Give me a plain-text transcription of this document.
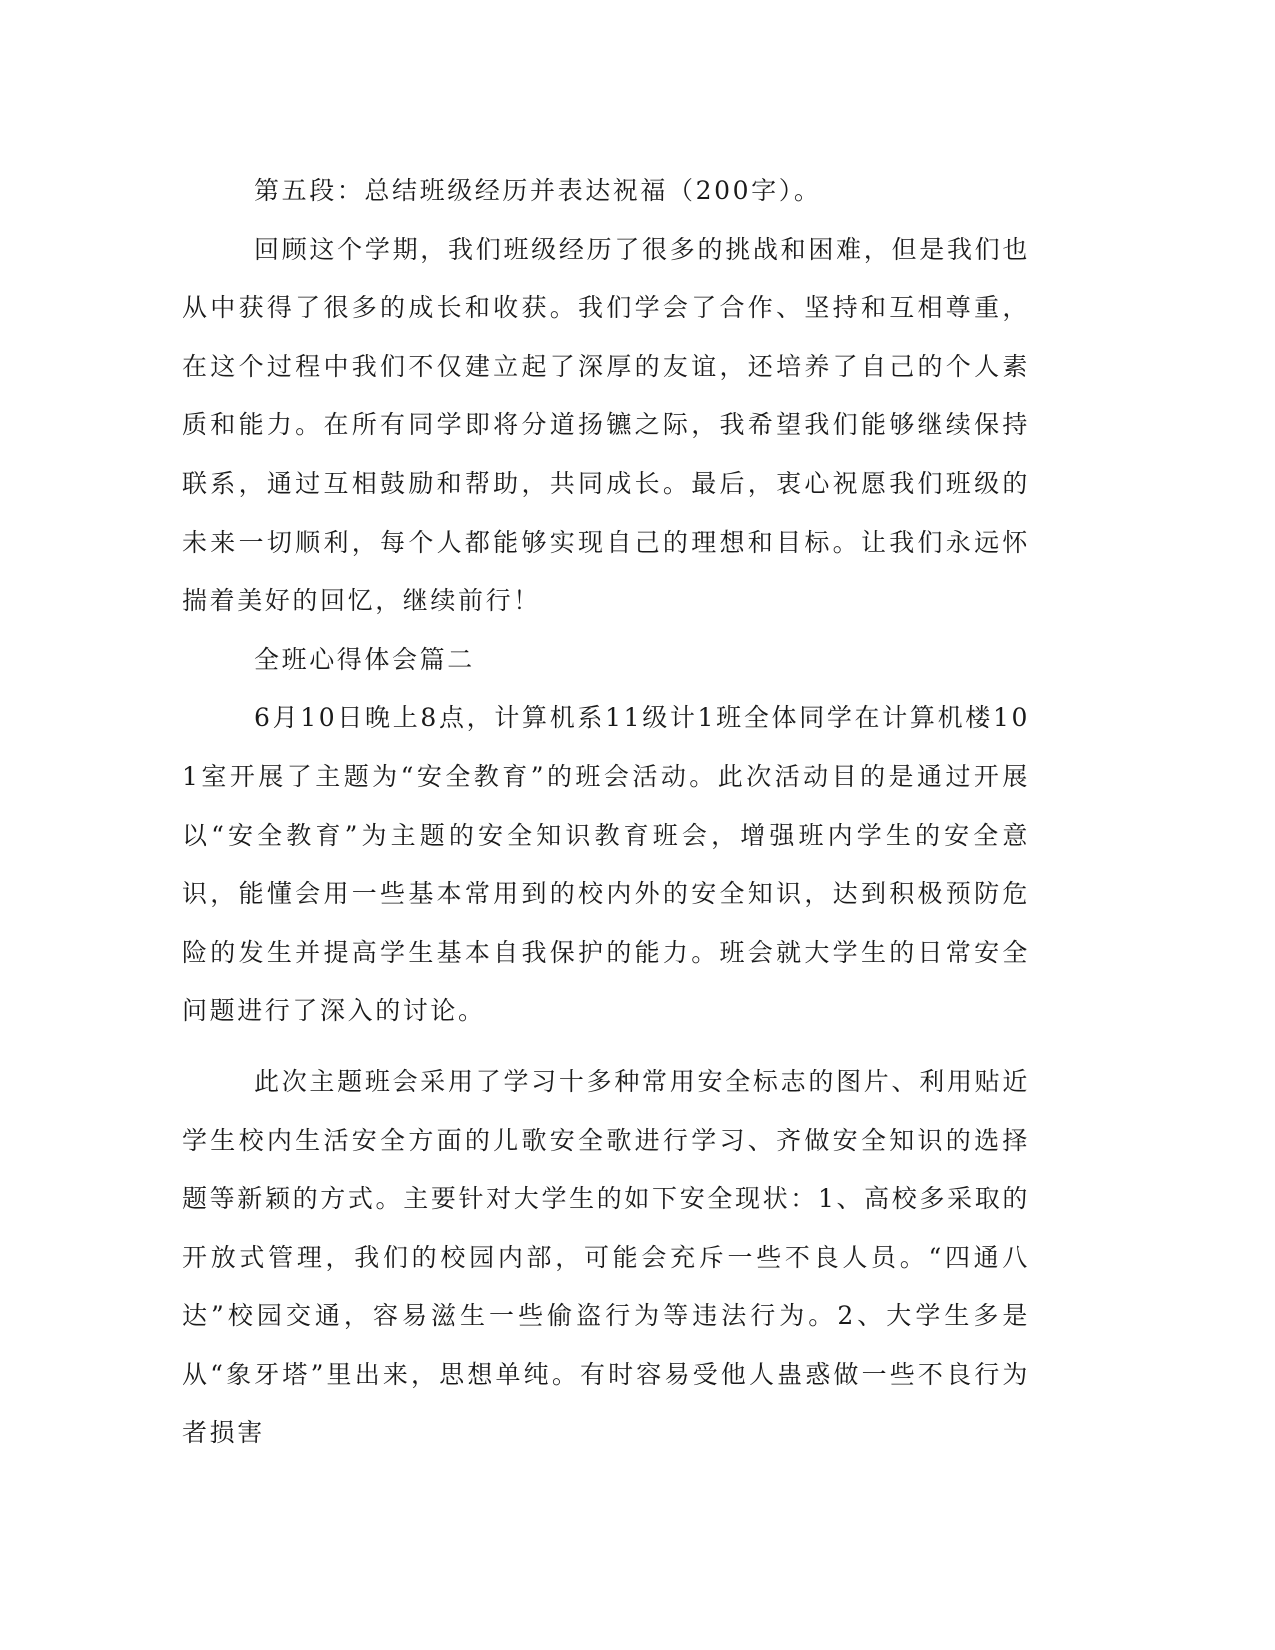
第五段：总结班级经历并表达祝福（200字）。

回顾这个学期，我们班级经历了很多的挑战和困难，但是我们也从中获得了很多的成长和收获。我们学会了合作、坚持和互相尊重，在这个过程中我们不仅建立起了深厚的友谊，还培养了自己的个人素质和能力。在所有同学即将分道扬镳之际，我希望我们能够继续保持联系，通过互相鼓励和帮助，共同成长。最后，衷心祝愿我们班级的未来一切顺利，每个人都能够实现自己的理想和目标。让我们永远怀揣着美好的回忆，继续前行！

全班心得体会篇二

6月10日晚上8点，计算机系11级计1班全体同学在计算机楼101室开展了主题为“安全教育”的班会活动。此次活动目的是通过开展以“安全教育”为主题的安全知识教育班会，增强班内学生的安全意识，能懂会用一些基本常用到的校内外的安全知识，达到积极预防危险的发生并提高学生基本自我保护的能力。班会就大学生的日常安全问题进行了深入的讨论。

此次主题班会采用了学习十多种常用安全标志的图片、利用贴近学生校内生活安全方面的儿歌安全歌进行学习、齐做安全知识的选择题等新颖的方式。主要针对大学生的如下安全现状：1、高校多采取的开放式管理，我们的校园内部，可能会充斥一些不良人员。“四通八达”校园交通，容易滋生一些偷盗行为等违法行为。2、大学生多是从“象牙塔”里出来，思想单纯。有时容易受他人蛊惑做一些不良行为者损害
